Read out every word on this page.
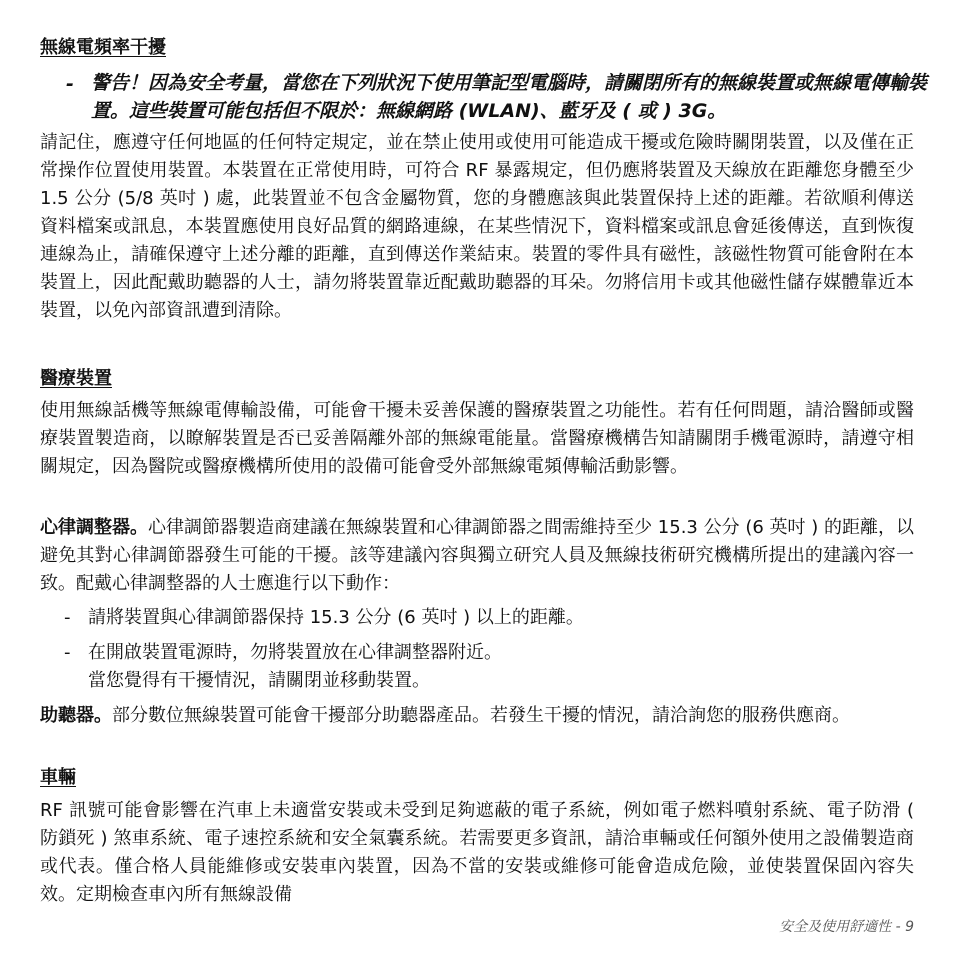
無線電頻率干擾
- 警告！因為安全考量，當您在下列狀況下使用筆記型電腦時，請關閉所有的無線裝置或無線電傳輸裝置。這些裝置可能包括但不限於：無線網路 (WLAN)、藍牙及 ( 或 ) 3G。
請記住，應遵守任何地區的任何特定規定，並在禁止使用或使用可能造成干擾或危險時關閉裝置，以及僅在正常操作位置使用裝置。本裝置在正常使用時，可符合 RF 暴露規定，但仍應將裝置及天線放在距離您身體至少 1.5 公分 (5/8 英吋 ) 處，此裝置並不包含金屬物質，您的身體應該與此裝置保持上述的距離。若欲順利傳送資料檔案或訊息，本裝置應使用良好品質的網路連線，在某些情況下，資料檔案或訊息會延後傳送，直到恢復連線為止，請確保遵守上述分離的距離，直到傳送作業結束。裝置的零件具有磁性，該磁性物質可能會附在本裝置上，因此配戴助聽器的人士，請勿將裝置靠近配戴助聽器的耳朵。勿將信用卡或其他磁性儲存媒體靠近本裝置，以免內部資訊遭到清除。
醫療裝置
使用無線話機等無線電傳輸設備，可能會干擾未妥善保護的醫療裝置之功能性。若有任何問題，請洽醫師或醫療裝置製造商，以瞭解裝置是否已妥善隔離外部的無線電能量。當醫療機構告知請關閉手機電源時，請遵守相關規定，因為醫院或醫療機構所使用的設備可能會受外部無線電頻傳輸活動影響。
心律調整器。心律調節器製造商建議在無線裝置和心律調節器之間需維持至少 15.3 公分 (6 英吋 ) 的距離，以避免其對心律調節器發生可能的干擾。該等建議內容與獨立研究人員及無線技術研究機構所提出的建議內容一致。配戴心律調整器的人士應進行以下動作：
- 請將裝置與心律調節器保持 15.3 公分 (6 英吋 ) 以上的距離。
- 在開啟裝置電源時，勿將裝置放在心律調整器附近。
當您覺得有干擾情況，請關閉並移動裝置。
助聽器。部分數位無線裝置可能會干擾部分助聽器產品。若發生干擾的情況，請洽詢您的服務供應商。
車輛
RF 訊號可能會影響在汽車上未適當安裝或未受到足夠遮蔽的電子系統，例如電子燃料噴射系統、電子防滑 ( 防鎖死 ) 煞車系統、電子速控系統和安全氣囊系統。若需要更多資訊，請洽車輛或任何額外使用之設備製造商或代表。僅合格人員能維修或安裝車內裝置，因為不當的安裝或維修可能會造成危險，並使裝置保固內容失效。定期檢查車內所有無線設備
安全及使用舒適性 - 9
